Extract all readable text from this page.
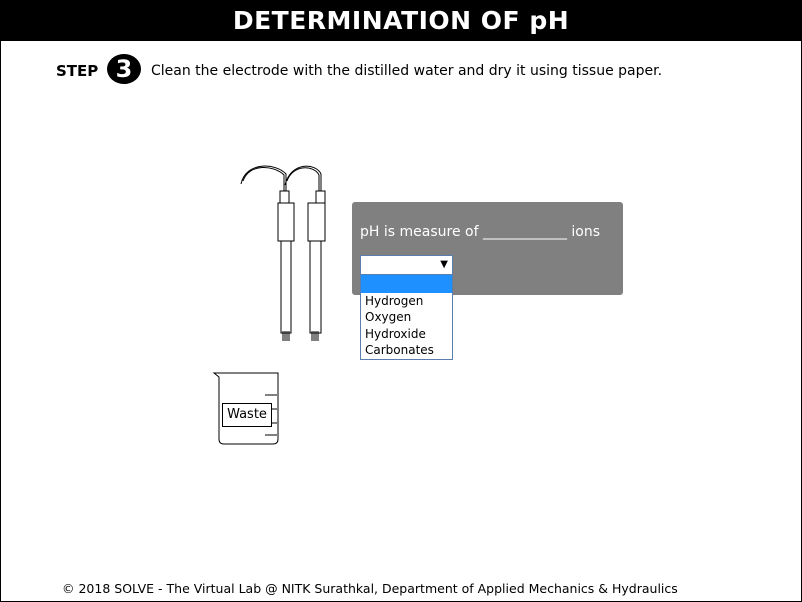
DETERMINATION OF pH
STEP 3	Clean the electrode with the distilled water and dry it using tissue paper.
Waste
pH is measure of ____________ ions
▼
Hydrogen
Oxygen
Hydroxide
Carbonates
© 2018 SOLVE - The Virtual Lab @ NITK Surathkal, Department of Applied Mechanics & Hydraulics
